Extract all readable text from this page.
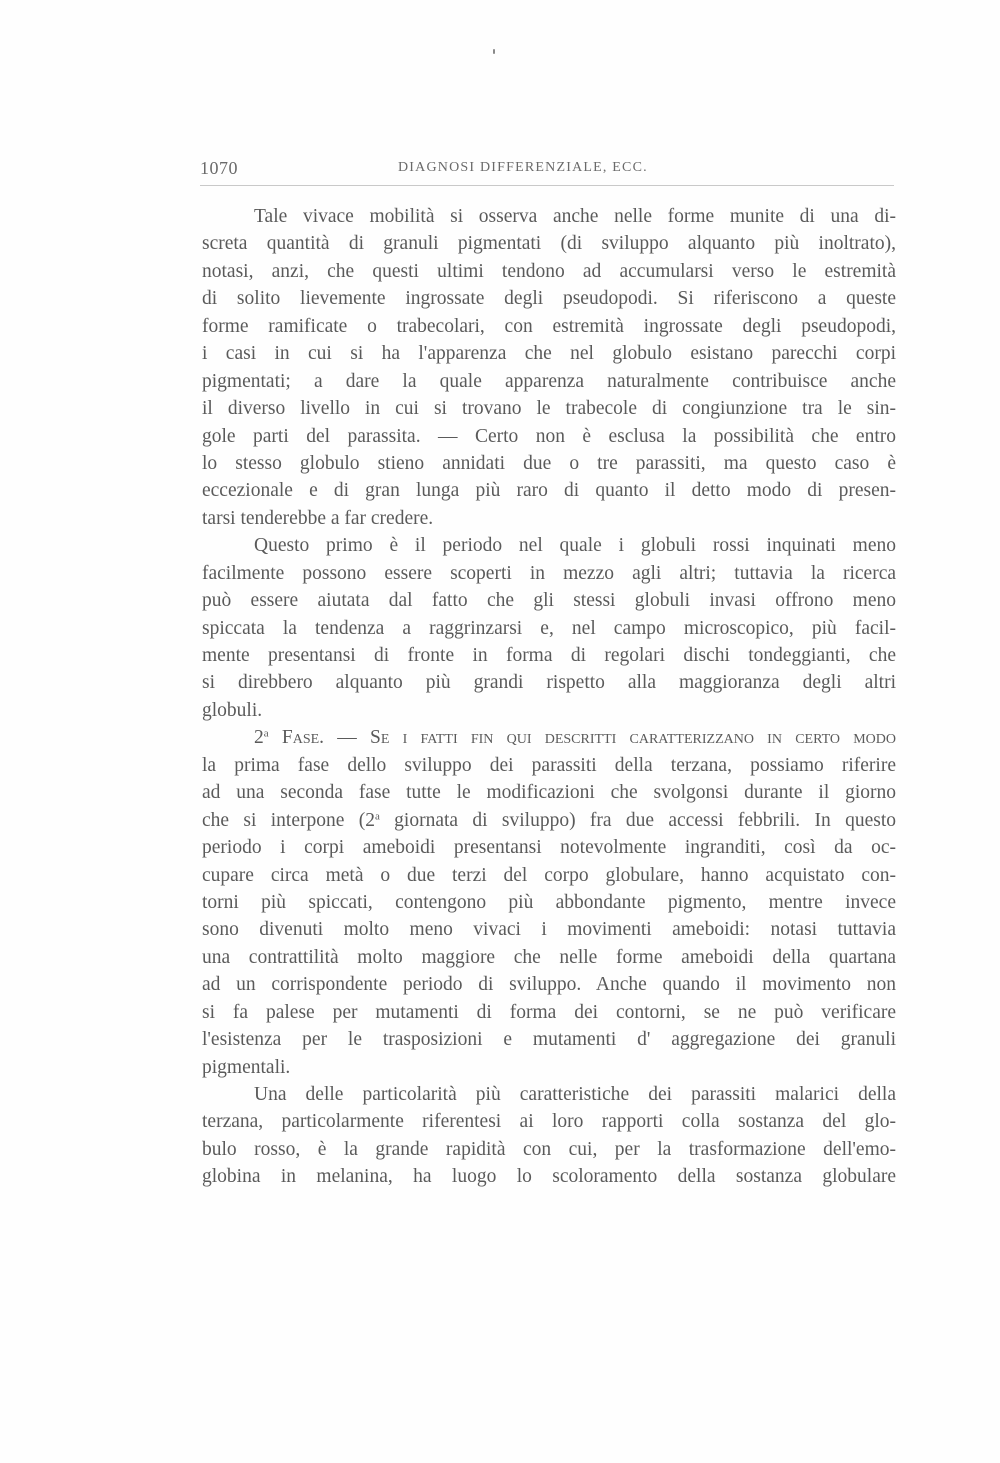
1070	DIAGNOSI DIFFERENZIALE, ECC.
Tale vivace mobilità si osserva anche nelle forme munite di una di-
screta quantità di granuli pigmentati (di sviluppo alquanto più inoltrato),
notasi, anzi, che questi ultimi tendono ad accumularsi verso le estremità
di solito lievemente ingrossate degli pseudopodi. Si riferiscono a queste
forme ramificate o trabecolari, con estremità ingrossate degli pseudopodi,
i casi in cui si ha l'apparenza che nel globulo esistano parecchi corpi
pigmentati; a dare la quale apparenza naturalmente contribuisce anche
il diverso livello in cui si trovano le trabecole di congiunzione tra le sin-
gole parti del parassita. — Certo non è esclusa la possibilità che entro
lo stesso globulo stieno annidati due o tre parassiti, ma questo caso è
eccezionale e di gran lunga più raro di quanto il detto modo di presen-
tarsi tenderebbe a far credere.
Questo primo è il periodo nel quale i globuli rossi inquinati meno
facilmente possono essere scoperti in mezzo agli altri; tuttavia la ricerca
può essere aiutata dal fatto che gli stessi globuli invasi offrono meno
spiccata la tendenza a raggrinzarsi e, nel campo microscopico, più facil-
mente presentansi di fronte in forma di regolari dischi tondeggianti, che
si direbbero alquanto più grandi rispetto alla maggioranza degli altri
globuli.
2$^a$ Fase. — Se i fatti fin qui descritti caratterizzano in certo modo
la prima fase dello sviluppo dei parassiti della terzana, possiamo riferire
ad una seconda fase tutte le modificazioni che svolgonsi durante il giorno
che si interpone (2$^a$ giornata di sviluppo) fra due accessi febbrili. In questo
periodo i corpi ameboidi presentansi notevolmente ingranditi, così da oc-
cupare circa metà o due terzi del corpo globulare, hanno acquistato con-
torni più spiccati, contengono più abbondante pigmento, mentre invece
sono divenuti molto meno vivaci i movimenti ameboidi: notasi tuttavia
una contrattilità molto maggiore che nelle forme ameboidi della quartana
ad un corrispondente periodo di sviluppo. Anche quando il movimento non
si fa palese per mutamenti di forma dei contorni, se ne può verificare
l'esistenza per le trasposizioni e mutamenti d' aggregazione dei granuli
pigmentali.
Una delle particolarità più caratteristiche dei parassiti malarici della
terzana, particolarmente riferentesi ai loro rapporti colla sostanza del glo-
bulo rosso, è la grande rapidità con cui, per la trasformazione dell'emo-
globina in melanina, ha luogo lo scoloramento della sostanza globulare
